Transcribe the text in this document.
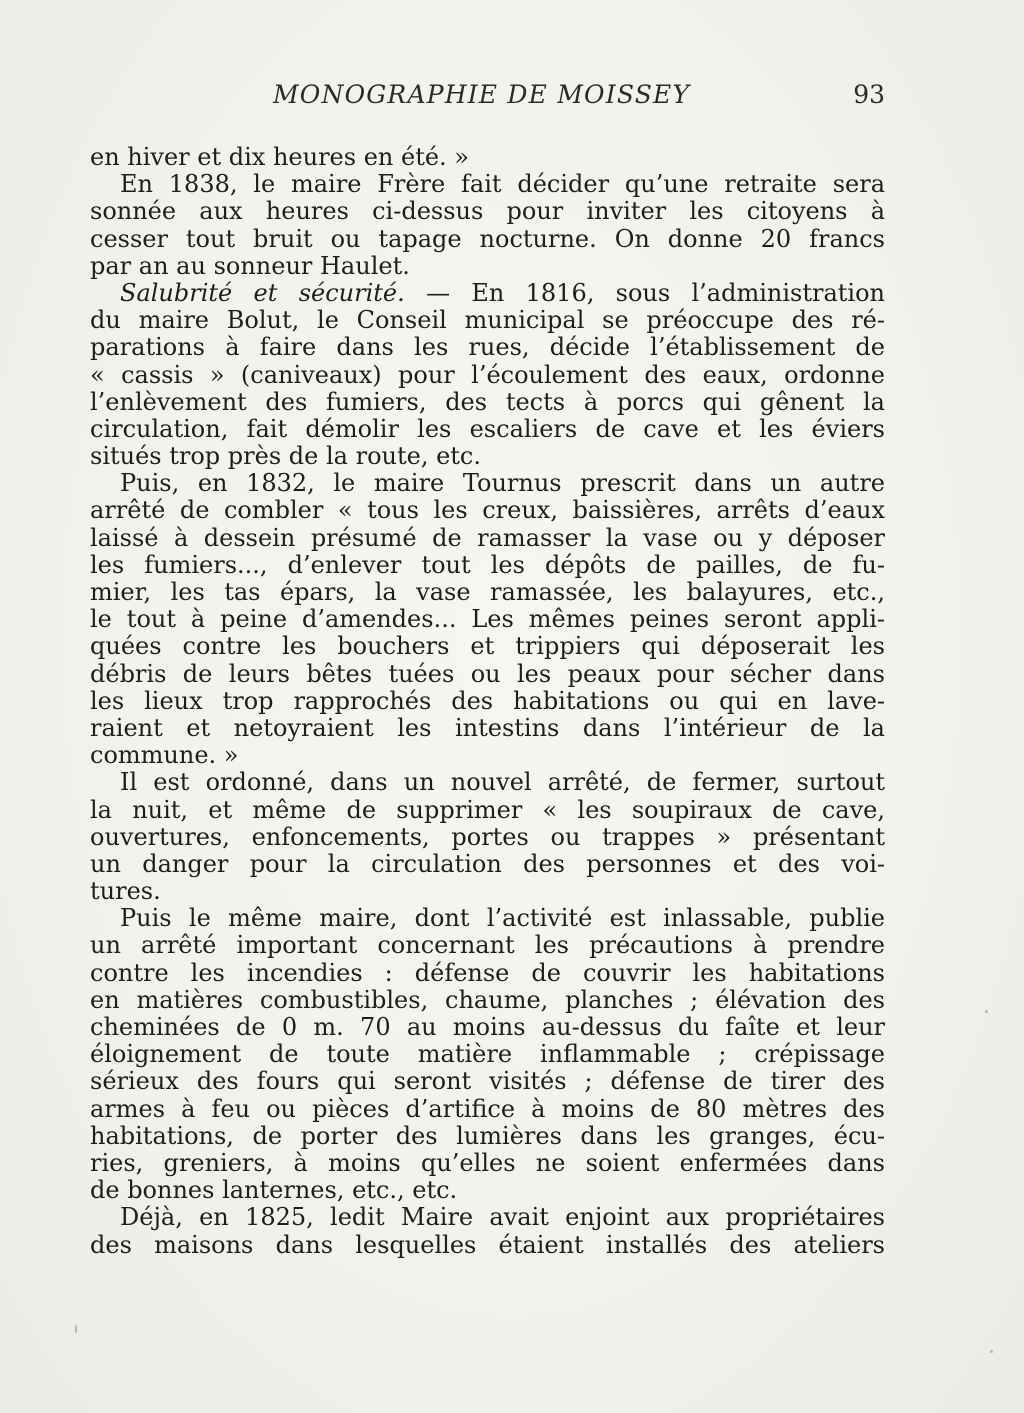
MONOGRAPHIE DE MOISSEY	93
en hiver et dix heures en été. »
En 1838, le maire Frère fait décider qu’une retraite sera
sonnée aux heures ci-dessus pour inviter les citoyens à
cesser tout bruit ou tapage nocturne. On donne 20 francs
par an au sonneur Haulet.
Salubrité et sécurité. — En 1816, sous l’administration
du maire Bolut, le Conseil municipal se préoccupe des ré-
parations à faire dans les rues, décide l’établissement de
« cassis » (caniveaux) pour l’écoulement des eaux, ordonne
l’enlèvement des fumiers, des tects à porcs qui gênent la
circulation, fait démolir les escaliers de cave et les éviers
situés trop près de la route, etc.
Puis, en 1832, le maire Tournus prescrit dans un autre
arrêté de combler « tous les creux, baissières, arrêts d’eaux
laissé à dessein présumé de ramasser la vase ou y déposer
les fumiers..., d’enlever tout les dépôts de pailles, de fu-
mier, les tas épars, la vase ramassée, les balayures, etc.,
le tout à peine d’amendes... Les mêmes peines seront appli-
quées contre les bouchers et trippiers qui déposerait les
débris de leurs bêtes tuées ou les peaux pour sécher dans
les lieux trop rapprochés des habitations ou qui en lave-
raient et netoyraient les intestins dans l’intérieur de la
commune. »
Il est ordonné, dans un nouvel arrêté, de fermer, surtout
la nuit, et même de supprimer « les soupiraux de cave,
ouvertures, enfoncements, portes ou trappes » présentant
un danger pour la circulation des personnes et des voi-
tures.
Puis le même maire, dont l’activité est inlassable, publie
un arrêté important concernant les précautions à prendre
contre les incendies : défense de couvrir les habitations
en matières combustibles, chaume, planches ; élévation des
cheminées de 0 m. 70 au moins au-dessus du faîte et leur
éloignement de toute matière inflammable ; crépissage
sérieux des fours qui seront visités ; défense de tirer des
armes à feu ou pièces d’artifice à moins de 80 mètres des
habitations, de porter des lumières dans les granges, écu-
ries, greniers, à moins qu’elles ne soient enfermées dans
de bonnes lanternes, etc., etc.
Déjà, en 1825, ledit Maire avait enjoint aux propriétaires
des maisons dans lesquelles étaient installés des ateliers
